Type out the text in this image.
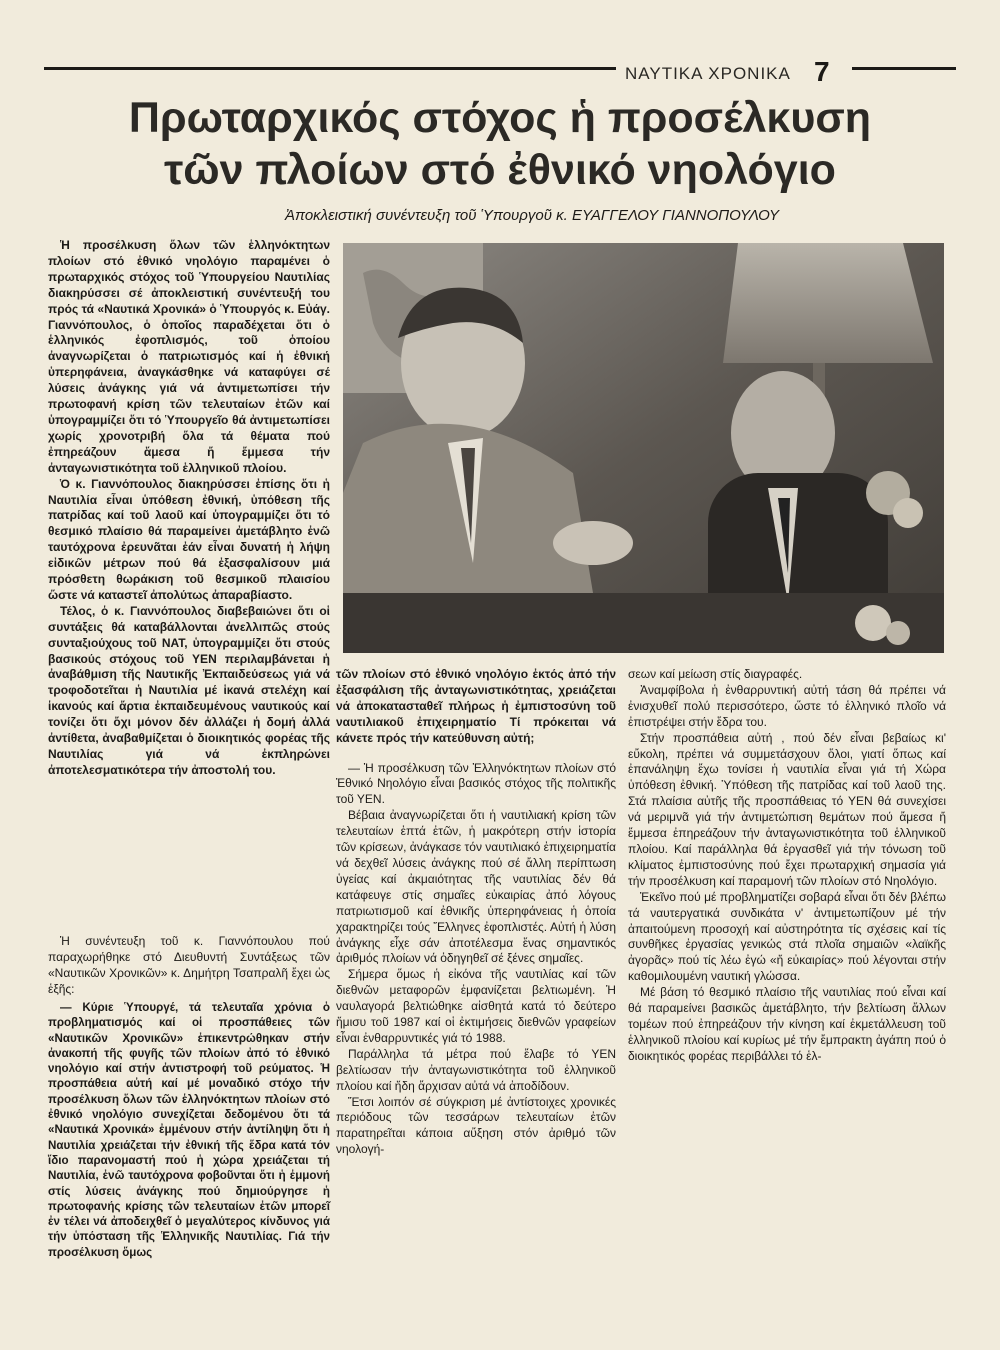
ΝΑΥΤΙΚΑ ΧΡΟΝΙΚΑ 7
Πρωταρχικός στόχος ἡ προσέλκυση
τῶν πλοίων στό ἐθνικό νηολόγιο
Ἀποκλειστική συνέντευξη τοῦ Ὑπουργοῦ κ. ΕΥΑΓΓΕΛΟΥ ΓΙΑΝΝΟΠΟΥΛΟΥ

Ἡ προσέλκυση ὅλων τῶν ἑλληνόκτητων πλοίων στό ἐθνικό νηολόγιο παραμένει ὁ πρωταρχικός στόχος τοῦ Ὑπουργείου Ναυτιλίας διακηρύσσει σέ ἀποκλειστική συνέντευξή του πρός τά «Ναυτικά Χρονικά» ὁ Ὑπουργός κ. Εὐάγ. Γιαννόπουλος, ὁ ὁποῖος παραδέχεται ὅτι ὁ ἑλληνικός ἐφοπλισμός, τοῦ ὁποίου ἀναγνωρίζεται ὁ πατριωτισμός καί ἡ ἐθνική ὑπερηφάνεια, ἀναγκάσθηκε νά καταφύγει σέ λύσεις ἀνάγκης γιά νά ἀντιμετωπίσει τήν πρωτοφανή κρίση τῶν τελευταίων ἐτῶν καί ὑπογραμμίζει ὅτι τό Ὑπουργεῖο θά ἀντιμετωπίσει χωρίς χρονοτριβή ὅλα τά θέματα πού ἐπηρεάζουν ἄμεσα ἤ ἔμμεσα τήν ἀνταγωνιστικότητα τοῦ ἑλληνικοῦ πλοίου.

Ὁ κ. Γιαννόπουλος διακηρύσσει ἐπίσης ὅτι ἡ Ναυτιλία εἶναι ὑπόθεση ἐθνική, ὑπόθεση τῆς πατρίδας καί τοῦ λαοῦ καί ὑπογραμμίζει ὅτι τό θεσμικό πλαίσιο θά παραμείνει ἀμετάβλητο ἐνῶ ταυτόχρονα ἐρευνᾶται ἐάν εἶναι δυνατή ἡ λήψη εἰδικῶν μέτρων πού θά ἐξασφαλίσουν μιά πρόσθετη θωράκιση τοῦ θεσμικοῦ πλαισίου ὥστε νά καταστεῖ ἀπολύτως ἀπαραβίαστο.

Τέλος, ὁ κ. Γιαννόπουλος διαβεβαιώνει ὅτι οἱ συντάξεις θά καταβάλλονται ἀνελλιπῶς στούς συνταξιούχους τοῦ ΝΑΤ, ὑπογραμμίζει ὅτι στούς βασικούς στόχους τοῦ ΥΕΝ περιλαμβάνεται ἡ ἀναβάθμιση τῆς Ναυτικῆς Ἐκπαιδεύσεως γιά νά τροφοδοτεῖται ἡ Ναυτιλία μέ ἱκανά στελέχη καί ἱκανούς καί ἄρτια ἐκπαιδευμένους ναυτικούς καί τονίζει ὅτι ὄχι μόνον δέν ἀλλάζει ἡ δομή ἀλλά ἀντίθετα, ἀναβαθμίζεται ὁ διοικητικός φορέας τῆς Ναυτιλίας γιά νά ἐκπληρώνει ἀποτελεσματικότερα τήν ἀποστολή του.

Ἡ συνέντευξη τοῦ κ. Γιαννόπουλου πού παραχωρήθηκε στό Διευθυντή Συντάξεως τῶν «Ναυτικῶν Χρονικῶν» κ. Δημήτρη Τσαπραλῆ ἔχει ὡς ἑξῆς:

— Κύριε Ὑπουργέ, τά τελευταῖα χρόνια ὁ προβληματισμός καί οἱ προσπάθειες τῶν «Ναυτικῶν Χρονικῶν» ἐπικεντρώθηκαν στήν ἀνακοπή τῆς φυγῆς τῶν πλοίων ἀπό τό ἐθνικό νηολόγιο καί στήν ἀντιστροφή τοῦ ρεύματος. Ἡ προσπάθεια αὐτή καί μέ μοναδικό στόχο τήν προσέλκυση ὅλων τῶν ἑλληνόκτητων πλοίων στό ἐθνικό νηολόγιο συνεχίζεται δεδομένου ὅτι τά «Ναυτικά Χρονικά» ἐμμένουν στήν ἀντίληψη ὅτι ἡ Ναυτιλία χρειάζεται τήν ἐθνική τῆς ἕδρα κατά τόν ἴδιο παρανομαστή πού ἡ χώρα χρειάζεται τή Ναυτιλία, ἐνῶ ταυτόχρονα φοβοῦνται ὅτι ἡ ἐμμονή στίς λύσεις ἀνάγκης πού δημιούργησε ἡ πρωτοφανής κρίσης τῶν τελευταίων ἐτῶν μπορεῖ ἐν τέλει νά ἀποδειχθεῖ ὁ μεγαλύτερος κίνδυνος γιά τήν ὑπόσταση τῆς Ἑλληνικῆς Ναυτιλίας. Γιά τήν προσέλκυση ὅμως

τῶν πλοίων στό ἐθνικό νηολόγιο ἐκτός ἀπό τήν ἐξασφάλιση τῆς ἀνταγωνιστικότητας, χρειάζεται νά ἀποκατασταθεῖ πλήρως ἡ ἐμπιστοσύνη τοῦ ναυτιλιακοῦ ἐπιχειρηματίο Τί πρόκειται νά κάνετε πρός τήν κατεύθυνση αὐτή;

— Ἡ προσέλκυση τῶν Ἑλληνόκτητων πλοίων στό Ἐθνικό Νηολόγιο εἶναι βασικός στόχος τῆς πολιτικῆς τοῦ ΥΕΝ.

Βέβαια ἀναγνωρίζεται ὅτι ἡ ναυτιλιακή κρίση τῶν τελευταίων ἑπτά ἐτῶν, ἡ μακρότερη στήν ἱστορία τῶν κρίσεων, ἀνάγκασε τόν ναυτιλιακό ἐπιχειρηματία νά δεχθεῖ λύσεις ἀνάγκης πού σέ ἄλλη περίπτωση ὑγείας καί ἀκμαιότητας τῆς ναυτιλίας δέν θά κατάφευγε στίς σημαῖες εὐκαιρίας ἀπό λόγους πατριωτισμοῦ καί ἐθνικῆς ὑπερηφάνειας ἡ ὁποία χαρακτηρίζει τούς Ἕλληνες ἐφοπλιστές. Αὐτή ἡ λύση ἀνάγκης εἶχε σάν ἀποτέλεσμα ἕνας σημαντικός ἀριθμός πλοίων νά ὁδηγηθεῖ σέ ξένες σημαῖες.

Σήμερα ὅμως ἡ εἰκόνα τῆς ναυτιλίας καί τῶν διεθνῶν μεταφορῶν ἐμφανίζεται βελτιωμένη. Ἡ ναυλαγορά βελτιώθηκε αἰσθητά κατά τό δεύτερο ἥμισυ τοῦ 1987 καί οἱ ἐκτιμήσεις διεθνῶν γραφείων εἶναι ἐνθαρρυντικές γιά τό 1988.

Παράλληλα τά μέτρα πού ἔλαβε τό ΥΕΝ βελτίωσαν τήν ἀνταγωνιστικότητα τοῦ ἑλληνικοῦ πλοίου καί ἤδη ἄρχισαν αὐτά νά ἀποδίδουν.

Ἔτσι λοιπόν σέ σύγκριση μέ ἀντίστοιχες χρονικές περιόδους τῶν τεσσάρων τελευταίων ἐτῶν παρατηρεῖται κάποια αὔξηση στόν ἀριθμό τῶν νηολογή-

σεων καί μείωση στίς διαγραφές.

Ἀναμφίβολα ἡ ἐνθαρρυντική αὐτή τάση θά πρέπει νά ἐνισχυθεῖ πολύ περισσότερο, ὥστε τό ἑλληνικό πλοῖο νά ἐπιστρέψει στήν ἕδρα του.

Στήν προσπάθεια αὐτή , πού δέν εἶναι βεβαίως κι' εὔκολη, πρέπει νά συμμετάσχουν ὅλοι, γιατί ὅπως καί ἐπανάληψη ἔχω τονίσει ἡ ναυτιλία εἶναι γιά τή Χώρα ὑπόθεση ἐθνική. Ὑπόθεση τῆς πατρίδας καί τοῦ λαοῦ της. Στά πλαίσια αὐτῆς τῆς προσπάθειας τό ΥΕΝ θά συνεχίσει νά μεριμνᾶ γιά τήν ἀντιμετώπιση θεμάτων πού ἄμεσα ἤ ἔμμεσα ἐπηρεάζουν τήν ἀνταγωνιστικότητα τοῦ ἑλληνικοῦ πλοίου. Καί παράλληλα θά ἐργασθεῖ γιά τήν τόνωση τοῦ κλίματος ἐμπιστοσύνης πού ἔχει πρωταρχική σημασία γιά τήν προσέλκυση καί παραμονή τῶν πλοίων στό Νηολόγιο.

Ἐκεῖνο πού μέ προβληματίζει σοβαρά εἶναι ὅτι δέν βλέπω τά ναυτεργατικά συνδικάτα ν' ἀντιμετωπίζουν μέ τήν ἀπαιτούμενη προσοχή καί αὐστηρότητα τίς σχέσεις καί τίς συνθῆκες ἐργασίας γενικώς στά πλοῖα σημαιῶν «λαϊκῆς ἀγορᾶς» πού τίς λέω ἐγώ «ἤ εὐκαιρίας» πού λέγονται στήν καθομιλουμένη ναυτική γλώσσα.

Μέ βάση τό θεσμικό πλαίσιο τῆς ναυτιλίας πού εἶναι καί θά παραμείνει βασικῶς ἀμετάβλητο, τήν βελτίωση ἄλλων τομέων πού ἐπηρεάζουν τήν κίνηση καί ἐκμετάλλευση τοῦ ἑλληνικοῦ πλοίου καί κυρίως μέ τήν ἔμπρακτη ἀγάπη πού ὁ διοικητικός φορέας περιβάλλει τό ἑλ-
